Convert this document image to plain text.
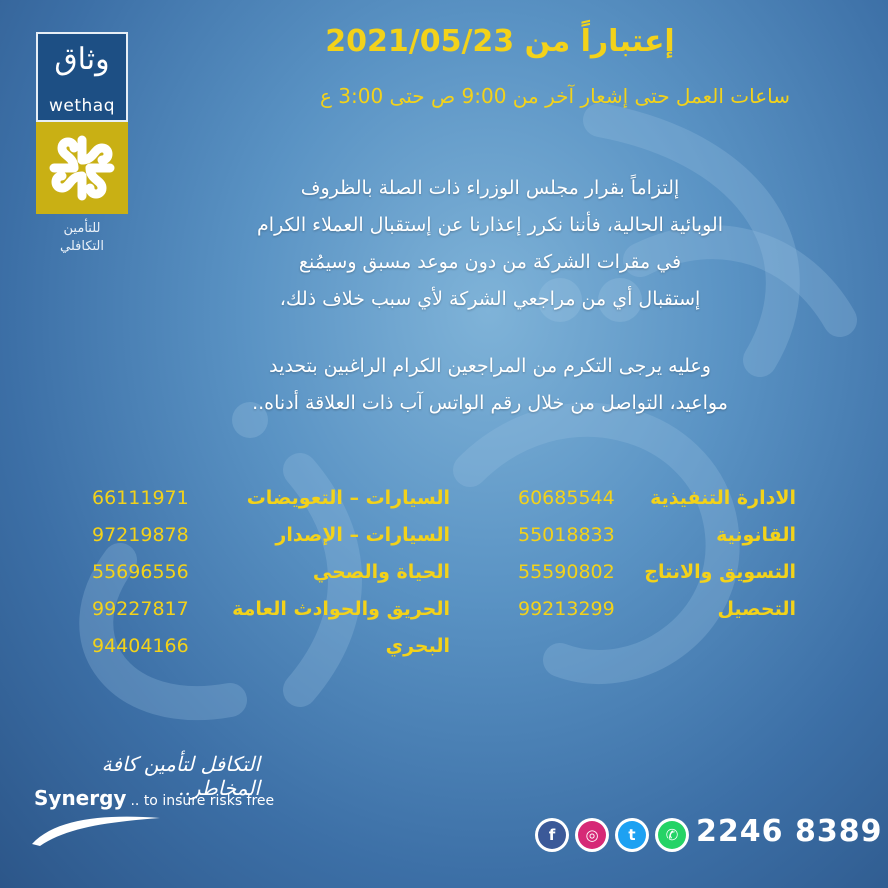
وثاق
wethaq
للتأمين
التكافلي
إعتباراً من 2021/05/23
ساعات العمل حتى إشعار آخر من 9:00 ص حتى 3:00 ع
إلتزاماً بقرار مجلس الوزراء ذات الصلة بالظروف
الوبائية الحالية، فأننا نكرر إعذارنا عن إستقبال العملاء الكرام
في مقرات الشركة من دون موعد مسبق وسيمُنع
إستقبال أي من مراجعي الشركة لأي سبب خلاف ذلك،
وعليه يرجى التكرم من المراجعين الكرام الراغبين بتحديد
مواعيد، التواصل من خلال رقم الواتس آب ذات العلاقة أدناه..
الادارة التنفيذية
60685544
القانونية
55018833
التسويق والانتاج
55590802
التحصيل
99213299
السيارات – التعويضات
66111971
السيارات – الإصدار
97219878
الحياة والصحي
55696556
الحريق والحوادث العامة
99227817
البحري
94404166
التكافل لتأمين كافة المخاطر..
Synergy .. to insure risks free
f	◎	t	✆ 2246 8389
